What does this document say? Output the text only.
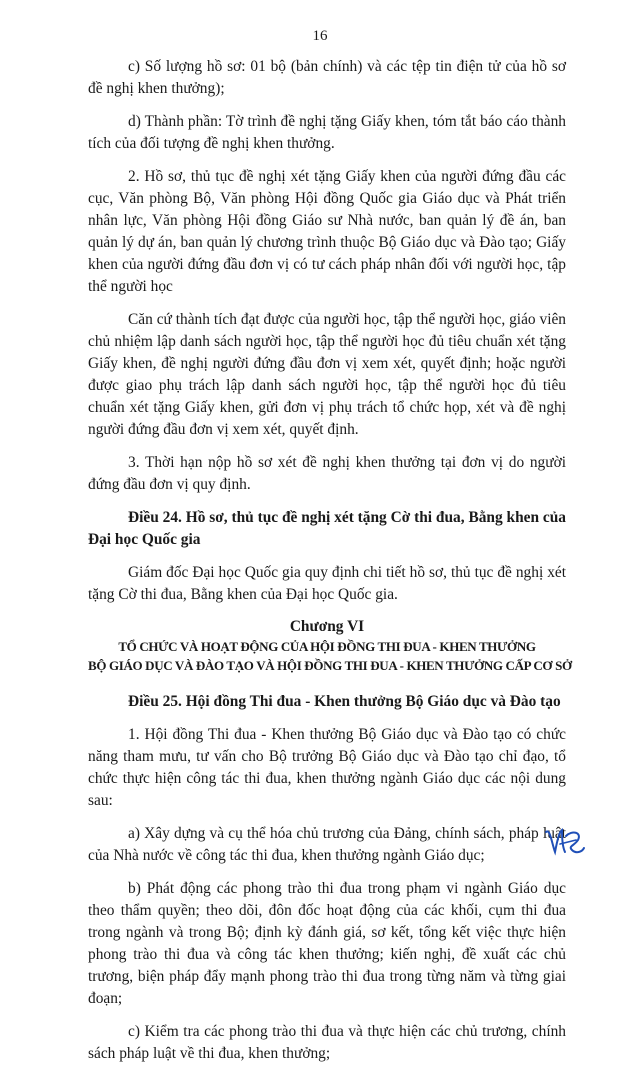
16

c) Số lượng hồ sơ: 01 bộ (bản chính) và các tệp tin điện tử của hồ sơ đề nghị khen thưởng);

d) Thành phần: Tờ trình đề nghị tặng Giấy khen, tóm tắt báo cáo thành tích của đối tượng đề nghị khen thưởng.

2. Hồ sơ, thủ tục đề nghị xét tặng Giấy khen của người đứng đầu các cục, Văn phòng Bộ, Văn phòng Hội đồng Quốc gia Giáo dục và Phát triển nhân lực, Văn phòng Hội đồng Giáo sư Nhà nước, ban quản lý đề án, ban quản lý dự án, ban quản lý chương trình thuộc Bộ Giáo dục và Đào tạo; Giấy khen của người đứng đầu đơn vị có tư cách pháp nhân đối với người học, tập thể người học

Căn cứ thành tích đạt được của người học, tập thể người học, giáo viên chủ nhiệm lập danh sách người học, tập thể người học đủ tiêu chuẩn xét tặng Giấy khen, đề nghị người đứng đầu đơn vị xem xét, quyết định; hoặc người được giao phụ trách lập danh sách người học, tập thể người học đủ tiêu chuẩn xét tặng Giấy khen, gửi đơn vị phụ trách tổ chức họp, xét và đề nghị người đứng đầu đơn vị xem xét, quyết định.

3. Thời hạn nộp hồ sơ xét đề nghị khen thưởng tại đơn vị do người đứng đầu đơn vị quy định.

Điều 24. Hồ sơ, thủ tục đề nghị xét tặng Cờ thi đua, Bằng khen của Đại học Quốc gia

Giám đốc Đại học Quốc gia quy định chi tiết hồ sơ, thủ tục đề nghị xét tặng Cờ thi đua, Bằng khen của Đại học Quốc gia.

Chương VI

TỔ CHỨC VÀ HOẠT ĐỘNG CỦA HỘI ĐỒNG THI ĐUA - KHEN THƯỞNG

BỘ GIÁO DỤC VÀ ĐÀO TẠO VÀ HỘI ĐỒNG THI ĐUA - KHEN THƯỞNG CẤP CƠ SỞ

Điều 25. Hội đồng Thi đua - Khen thưởng Bộ Giáo dục và Đào tạo

1. Hội đồng Thi đua - Khen thưởng Bộ Giáo dục và Đào tạo có chức năng tham mưu, tư vấn cho Bộ trưởng Bộ Giáo dục và Đào tạo chỉ đạo, tổ chức thực hiện công tác thi đua, khen thưởng ngành Giáo dục các nội dung sau:

a) Xây dựng và cụ thể hóa chủ trương của Đảng, chính sách, pháp luật của Nhà nước về công tác thi đua, khen thưởng ngành Giáo dục;

b) Phát động các phong trào thi đua trong phạm vi ngành Giáo dục theo thẩm quyền; theo dõi, đôn đốc hoạt động của các khối, cụm thi đua trong ngành và trong Bộ; định kỳ đánh giá, sơ kết, tổng kết việc thực hiện phong trào thi đua và công tác khen thưởng; kiến nghị, đề xuất các chủ trương, biện pháp đẩy mạnh phong trào thi đua trong từng năm và từng giai đoạn;

c) Kiểm tra các phong trào thi đua và thực hiện các chủ trương, chính sách pháp luật về thi đua, khen thưởng;
